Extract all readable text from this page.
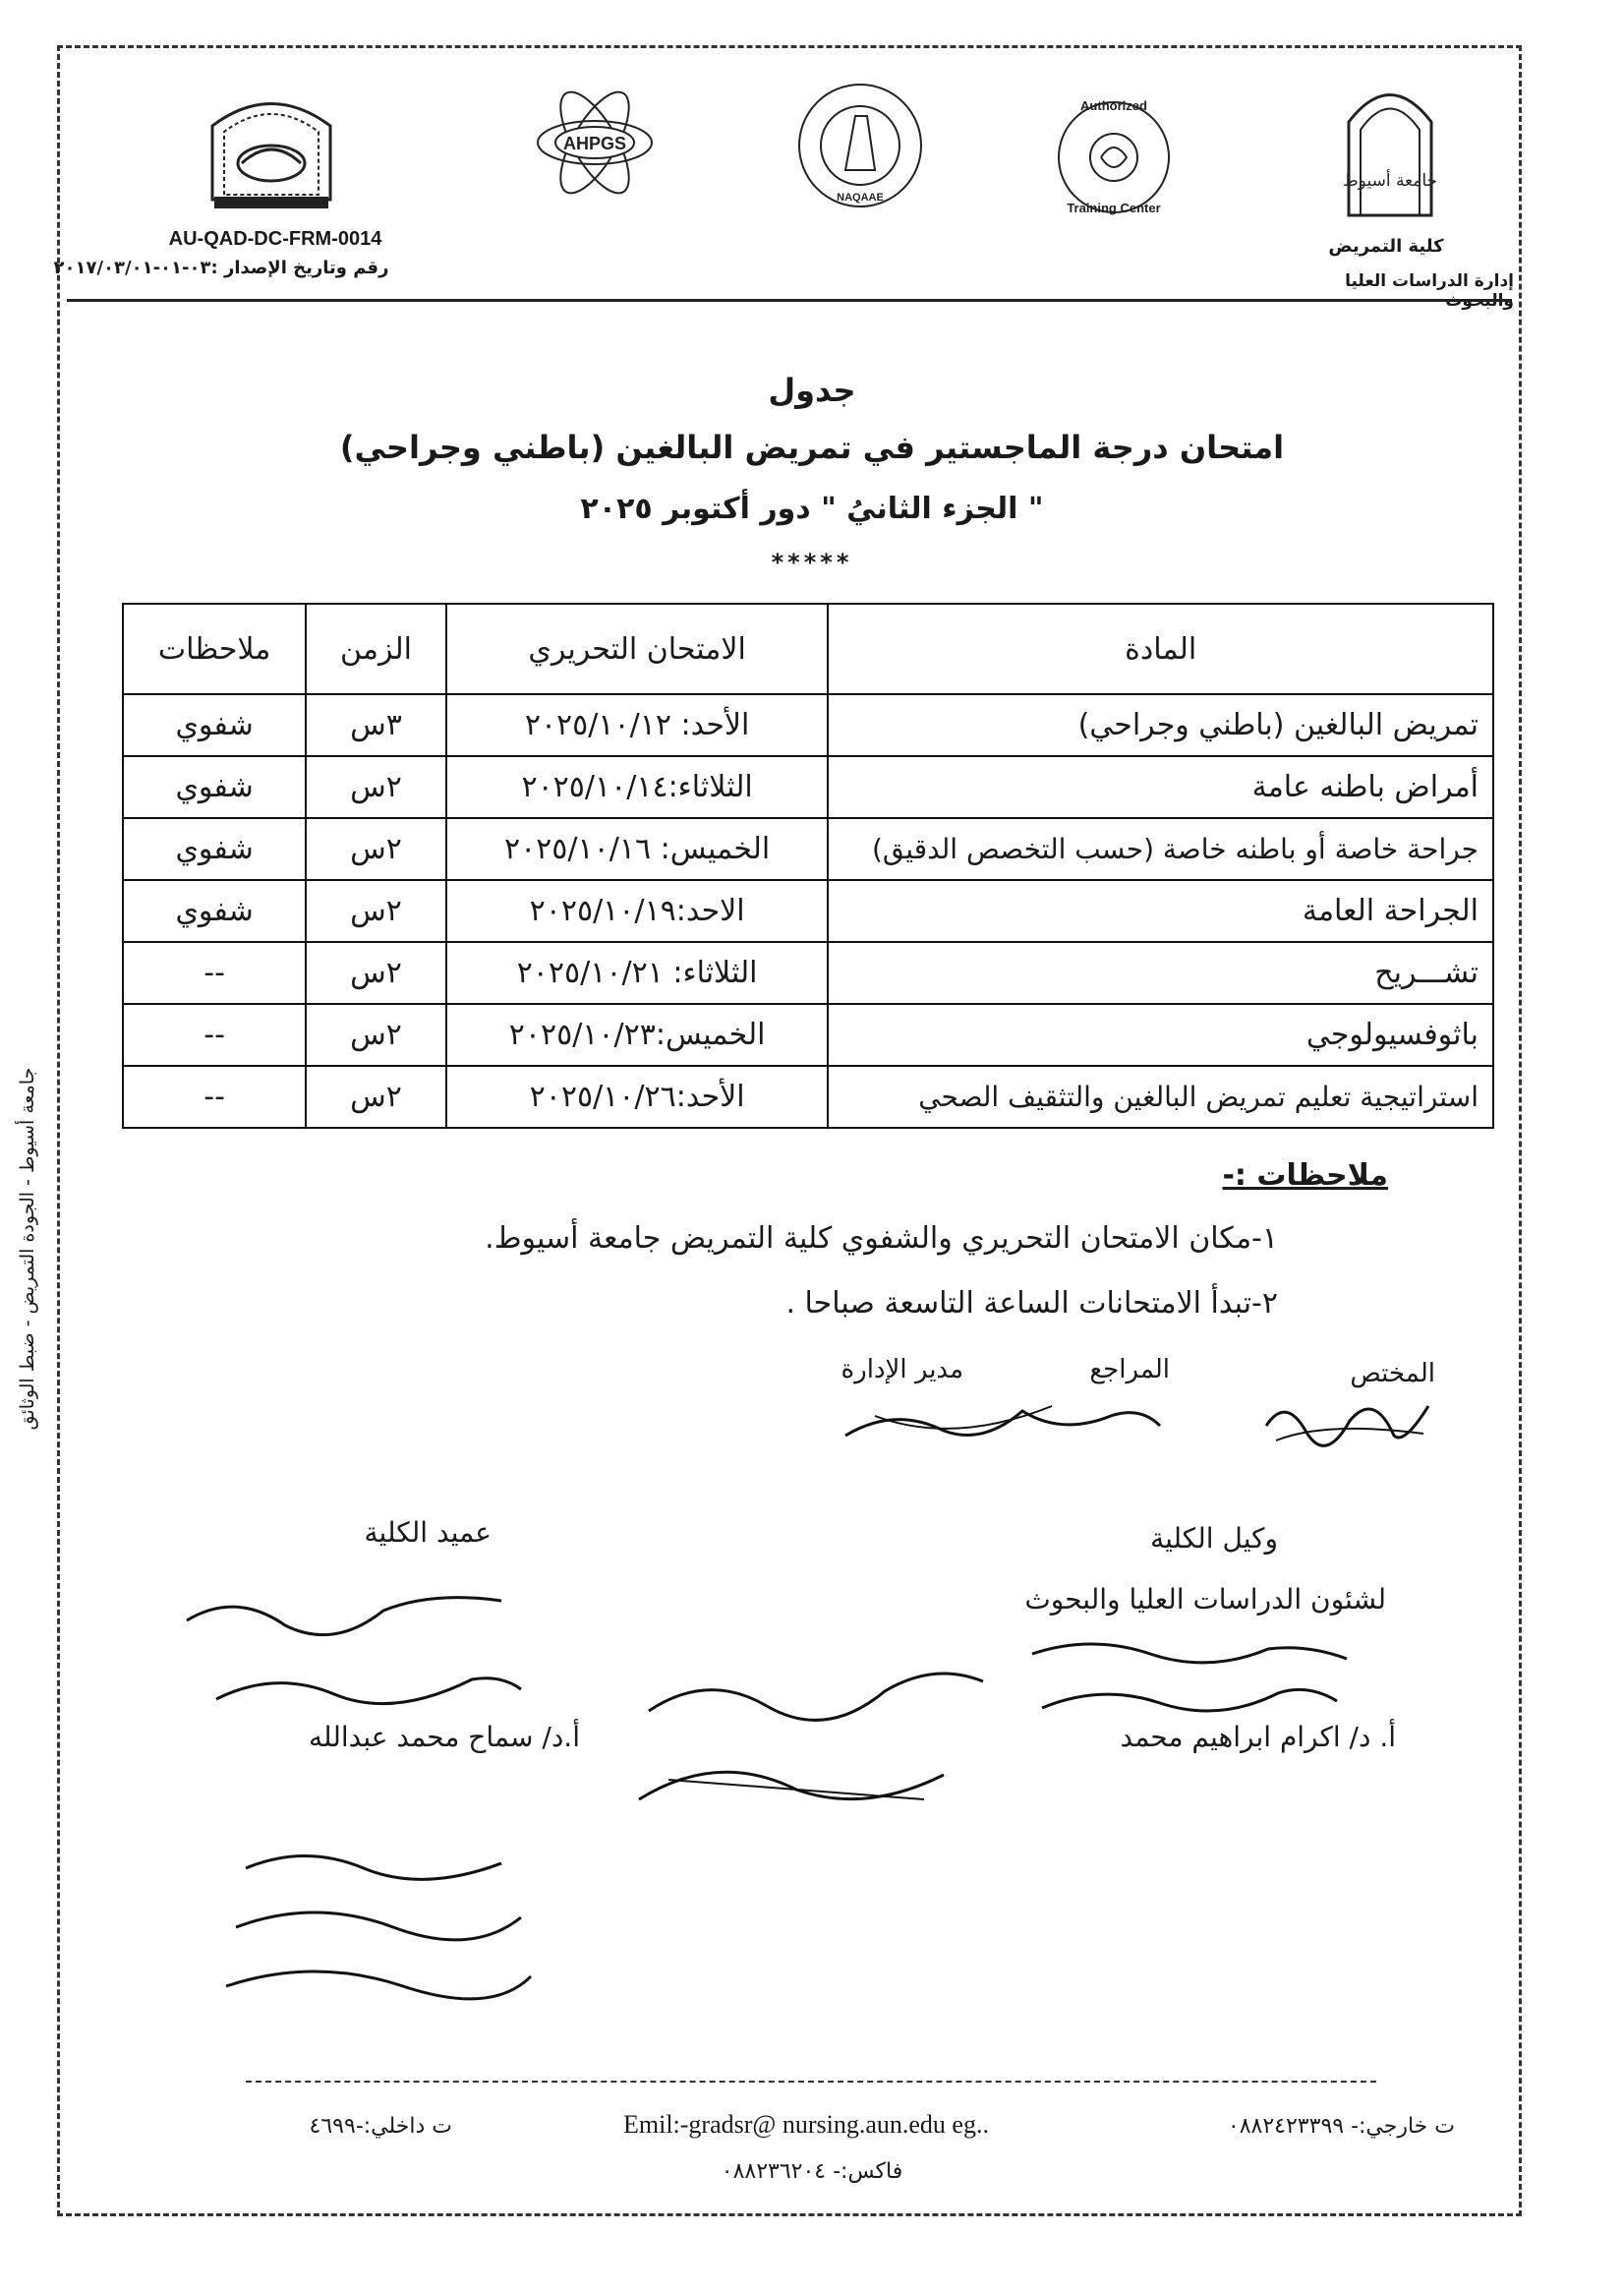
AHPGS
NAQAAE
Authorized
Training Center
جامعة أسيوط
AU-QAD-DC-FRM-0014
رقم وتاريخ الإصدار :٠٣-٠١-٢٠١٧/٠٣/٠١
كلية التمريض
إدارة الدراسات العليا والبحوث
جدول
امتحان درجة الماجستير في تمريض البالغين (باطني وجراحي)
" الجزء الثانيُ " دور أكتوبر ٢٠٢٥
*****
المادة	الامتحان التحريري	الزمن	ملاحظات
تمريض البالغين (باطني وجراحي)	الأحد: ٢٠٢٥/١٠/١٢	٣س	شفوي
أمراض باطنه عامة	الثلاثاء:٢٠٢٥/١٠/١٤	٢س	شفوي
جراحة خاصة أو باطنه خاصة (حسب التخصص الدقيق)	الخميس: ٢٠٢٥/١٠/١٦	٢س	شفوي
الجراحة العامة	الاحد:٢٠٢٥/١٠/١٩	٢س	شفوي
تشـــريح	الثلاثاء: ٢٠٢٥/١٠/٢١	٢س	--
باثوفسيولوجي	الخميس:٢٠٢٥/١٠/٢٣	٢س	--
استراتيجية تعليم تمريض البالغين والتثقيف الصحي	الأحد:٢٠٢٥/١٠/٢٦	٢س	--
ملاحظات :-
١-مكان الامتحان التحريري والشفوي كلية التمريض جامعة أسيوط.
٢-تبدأ الامتحانات الساعة التاسعة صباحا .
المختص
المراجع
مدير الإدارة
وكيل الكلية
لشئون الدراسات العليا والبحوث
أ. د/ اكرام ابراهيم محمد
عميد الكلية
أ.د/ سماح محمد عبدالله
ت داخلي:-٤٦٩٩	Emil:-gradsr@ nursing.aun.edu eg..	ت خارجي:- ٠٨٨٢٤٢٣٣٩٩
فاكس:- ٠٨٨٢٣٦٢٠٤
جامعة أسيوط - الجودة التمريض - ضبط الوثائق
